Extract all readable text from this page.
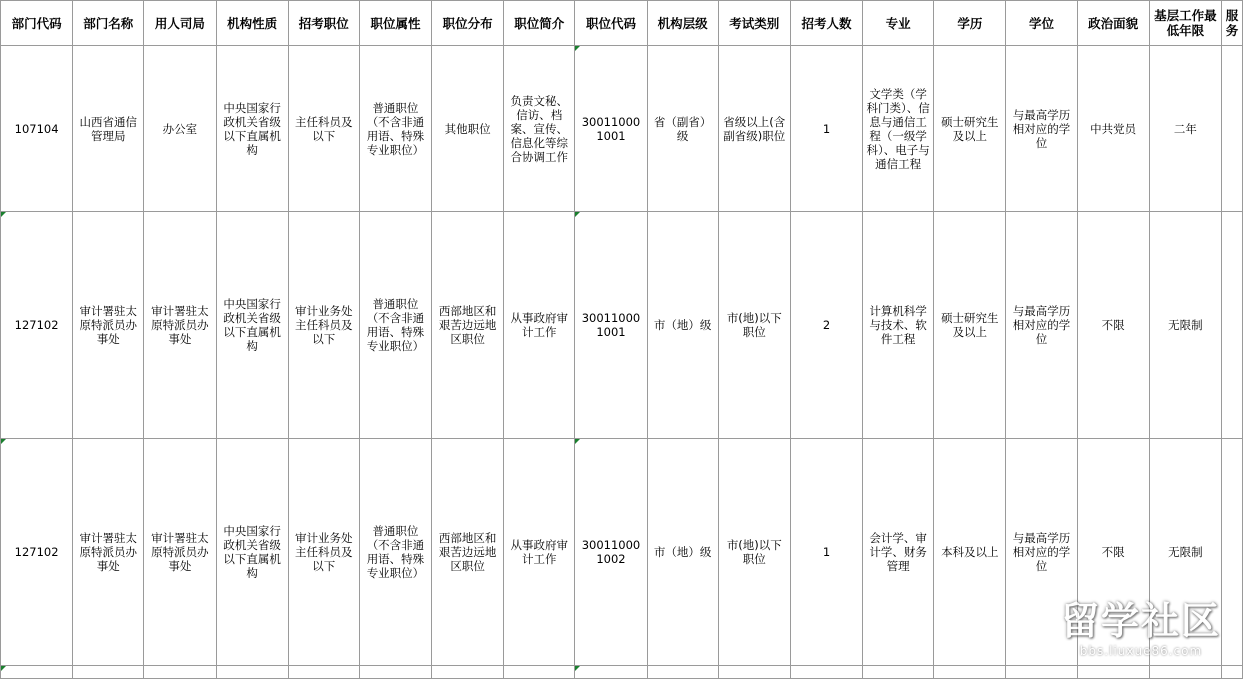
部门代码	部门名称	用人司局	机构性质	招考职位	职位属性	职位分布	职位简介	职位代码	机构层级	考试类别	招考人数	专业	学历	学位	政治面貌	基层工作最低年限	服务
107104	山西省通信管理局	办公室	中央国家行政机关省级以下直属机构	主任科员及以下	普通职位（不含非通用语、特殊专业职位）	其他职位	负责文秘、信访、档案、宣传、信息化等综合协调工作	300110001001	省（副省）级	省级以上(含副省级)职位	1	文学类（学科门类）、信息与通信工程（一级学科）、电子与通信工程	硕士研究生及以上	与最高学历相对应的学位	中共党员	二年	
127102	审计署驻太原特派员办事处	审计署驻太原特派员办事处	中央国家行政机关省级以下直属机构	审计业务处主任科员及以下	普通职位（不含非通用语、特殊专业职位）	西部地区和艰苦边远地区职位	从事政府审计工作	300110001001	市（地）级	市(地)以下职位	2	计算机科学与技术、软件工程	硕士研究生及以上	与最高学历相对应的学位	不限	无限制	
127102	审计署驻太原特派员办事处	审计署驻太原特派员办事处	中央国家行政机关省级以下直属机构	审计业务处主任科员及以下	普通职位（不含非通用语、特殊专业职位）	西部地区和艰苦边远地区职位	从事政府审计工作	300110001002	市（地）级	市(地)以下职位	1	会计学、审计学、财务管理	本科及以上	与最高学历相对应的学位	不限	无限制	

留学社区
bbs.liuxue86.com
